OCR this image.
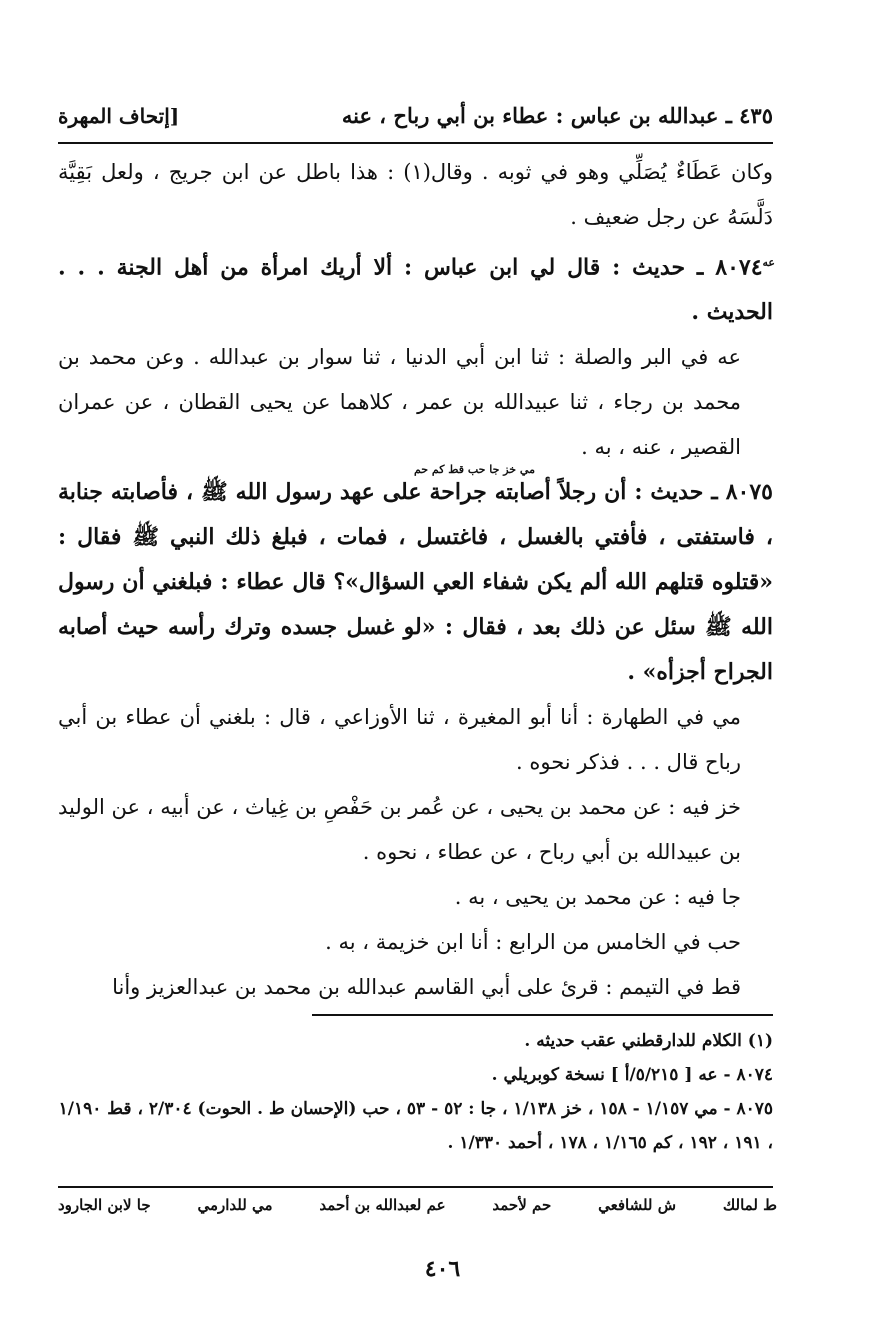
٤٣٥ ـ عبدالله بن عباس : عطاء بن أبي رباح ، عنه
[إتحاف المهرة

وكان عَطَاءٌ يُصَلِّي وهو في ثوبه . وقال(١) : هذا باطل عن ابن جريج ، ولعل بَقِيَّة دَلَّسَهُ عن رجل ضعيف .

$^{عه}$٨٠٧٤ ـ حديث : قال لي ابن عباس : ألا أريك امرأة من أهل الجنة . . . الحديث .

عه في البر والصلة : ثنا ابن أبي الدنيا ، ثنا سوار بن عبدالله . وعن محمد بن محمد بن رجاء ، ثنا عبيدالله بن عمر ، كلاهما عن يحيى القطان ، عن عمران القصير ، عنه ، به .

مي خز جا حب قط كم حم

٨٠٧٥ ـ حديث : أن رجلاً أصابته جراحة على عهد رسول الله ﷺ ، فأصابته جنابة ، فاستفتى ، فأفتي بالغسل ، فاغتسل ، فمات ، فبلغ ذلك النبي ﷺ فقال : «قتلوه قتلهم الله ألم يكن شفاء العي السؤال»؟ قال عطاء : فبلغني أن رسول الله ﷺ سئل عن ذلك بعد ، فقال : «لو غسل جسده وترك رأسه حيث أصابه الجراح أجزأه» .

مي في الطهارة : أنا أبو المغيرة ، ثنا الأوزاعي ، قال : بلغني أن عطاء بن أبي رباح قال . . . فذكر نحوه .

خز فيه : عن محمد بن يحيى ، عن عُمر بن حَفْصِ بن غِياث ، عن أبيه ، عن الوليد بن عبيدالله بن أبي رباح ، عن عطاء ، نحوه .

جا فيه : عن محمد بن يحيى ، به .

حب في الخامس من الرابع : أنا ابن خزيمة ، به .

قط في التيمم : قرئ على أبي القاسم عبدالله بن محمد بن عبدالعزيز وأنا

(١) الكلام للدارقطني عقب حديثه .

٨٠٧٤ - عه [ ٥/٢١٥/أ ] نسخة كوبريلي .

٨٠٧٥ - مي ١/١٥٧ - ١٥٨ ، خز ١/١٣٨ ، جا : ٥٢ - ٥٣ ، حب (الإحسان ط . الحوت) ٢/٣٠٤ ، قط ١/١٩٠ ، ١٩١ ، ١٩٢ ، كم ١/١٦٥ ، ١٧٨ ، أحمد ١/٣٣٠ .

ط لمالك
ش للشافعي
حم لأحمد
عم لعبدالله بن أحمد
مي للدارمي
جا لابن الجارود
٤٠٦
